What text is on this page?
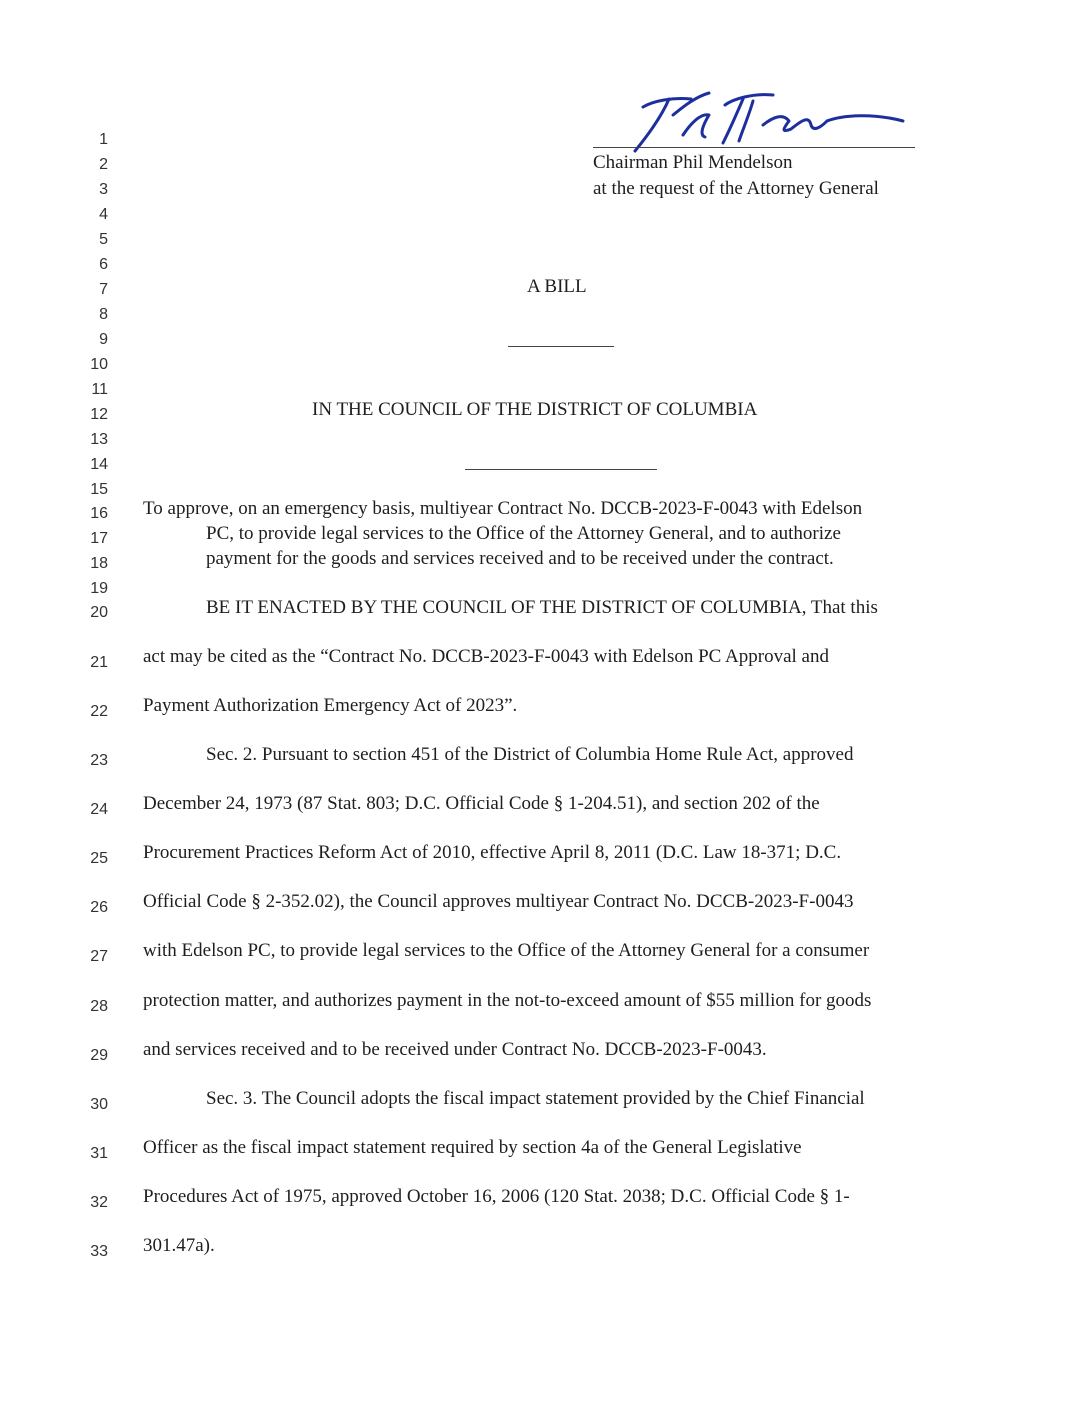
Chairman Phil Mendelson
at the request of the Attorney General
1
2
3
4
5
6
7
8
9
10
11
12
13
14
15
16
17
18
19
20
21
22
23
24
25
26
27
28
29
30
31
32
33
A BILL
IN THE COUNCIL OF THE DISTRICT OF COLUMBIA
To approve, on an emergency basis, multiyear Contract No. DCCB-2023-F-0043 with Edelson
PC, to provide legal services to the Office of the Attorney General, and to authorize
payment for the goods and services received and to be received under the contract.
BE IT ENACTED BY THE COUNCIL OF THE DISTRICT OF COLUMBIA, That this
act may be cited as the “Contract No. DCCB-2023-F-0043 with Edelson PC Approval and
Payment Authorization Emergency Act of 2023”.
Sec. 2. Pursuant to section 451 of the District of Columbia Home Rule Act, approved
December 24, 1973 (87 Stat. 803; D.C. Official Code § 1-204.51), and section 202 of the
Procurement Practices Reform Act of 2010, effective April 8, 2011 (D.C. Law 18-371; D.C.
Official Code § 2-352.02), the Council approves multiyear Contract No. DCCB-2023-F-0043
with Edelson PC, to provide legal services to the Office of the Attorney General for a consumer
protection matter, and authorizes payment in the not-to-exceed amount of $55 million for goods
and services received and to be received under Contract No. DCCB-2023-F-0043.
Sec. 3. The Council adopts the fiscal impact statement provided by the Chief Financial
Officer as the fiscal impact statement required by section 4a of the General Legislative
Procedures Act of 1975, approved October 16, 2006 (120 Stat. 2038; D.C. Official Code § 1-
301.47a).
